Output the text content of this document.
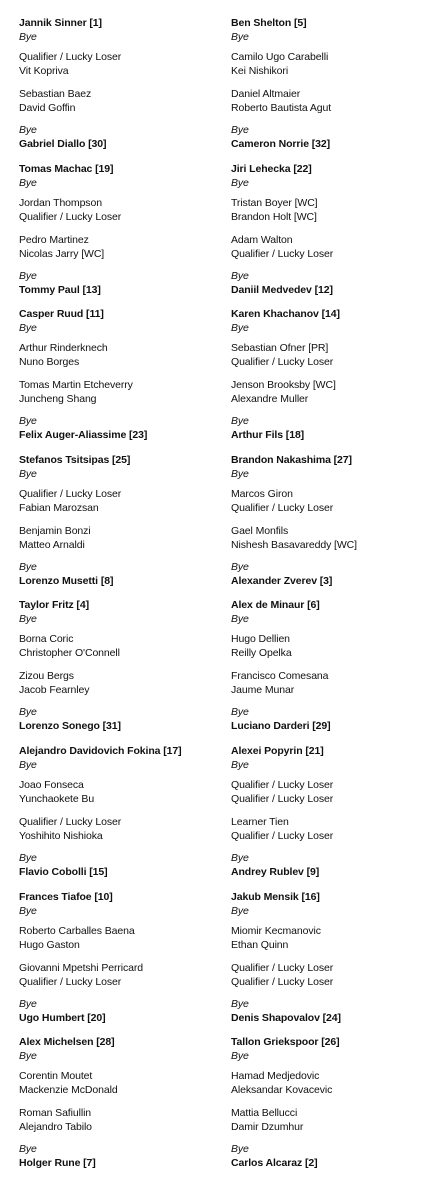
Jannik Sinner [1]
Bye
Qualifier / Lucky Loser
Vit Kopriva
Sebastian Baez
David Goffin
Bye
Gabriel Diallo [30]
Tomas Machac [19]
Bye
Jordan Thompson
Qualifier / Lucky Loser
Pedro Martinez
Nicolas Jarry [WC]
Bye
Tommy Paul [13]
Casper Ruud [11]
Bye
Arthur Rinderknech
Nuno Borges
Tomas Martin Etcheverry
Juncheng Shang
Bye
Felix Auger-Aliassime [23]
Stefanos Tsitsipas [25]
Bye
Qualifier / Lucky Loser
Fabian Marozsan
Benjamin Bonzi
Matteo Arnaldi
Bye
Lorenzo Musetti [8]
Taylor Fritz [4]
Bye
Borna Coric
Christopher O'Connell
Zizou Bergs
Jacob Fearnley
Bye
Lorenzo Sonego [31]
Alejandro Davidovich Fokina [17]
Bye
Joao Fonseca
Yunchaokete Bu
Qualifier / Lucky Loser
Yoshihito Nishioka
Bye
Flavio Cobolli [15]
Frances Tiafoe [10]
Bye
Roberto Carballes Baena
Hugo Gaston
Giovanni Mpetshi Perricard
Qualifier / Lucky Loser
Bye
Ugo Humbert [20]
Alex Michelsen [28]
Bye
Corentin Moutet
Mackenzie McDonald
Roman Safiullin
Alejandro Tabilo
Bye
Holger Rune [7]
Ben Shelton [5]
Bye
Camilo Ugo Carabelli
Kei Nishikori
Daniel Altmaier
Roberto Bautista Agut
Bye
Cameron Norrie [32]
Jiri Lehecka [22]
Bye
Tristan Boyer [WC]
Brandon Holt [WC]
Adam Walton
Qualifier / Lucky Loser
Bye
Daniil Medvedev [12]
Karen Khachanov [14]
Bye
Sebastian Ofner [PR]
Qualifier / Lucky Loser
Jenson Brooksby [WC]
Alexandre Muller
Bye
Arthur Fils [18]
Brandon Nakashima [27]
Bye
Marcos Giron
Qualifier / Lucky Loser
Gael Monfils
Nishesh Basavareddy [WC]
Bye
Alexander Zverev [3]
Alex de Minaur [6]
Bye
Hugo Dellien
Reilly Opelka
Francisco Comesana
Jaume Munar
Bye
Luciano Darderi [29]
Alexei Popyrin [21]
Bye
Qualifier / Lucky Loser
Qualifier / Lucky Loser
Learner Tien
Qualifier / Lucky Loser
Bye
Andrey Rublev [9]
Jakub Mensik [16]
Bye
Miomir Kecmanovic
Ethan Quinn
Qualifier / Lucky Loser
Qualifier / Lucky Loser
Bye
Denis Shapovalov [24]
Tallon Griekspoor [26]
Bye
Hamad Medjedovic
Aleksandar Kovacevic
Mattia Bellucci
Damir Dzumhur
Bye
Carlos Alcaraz [2]
